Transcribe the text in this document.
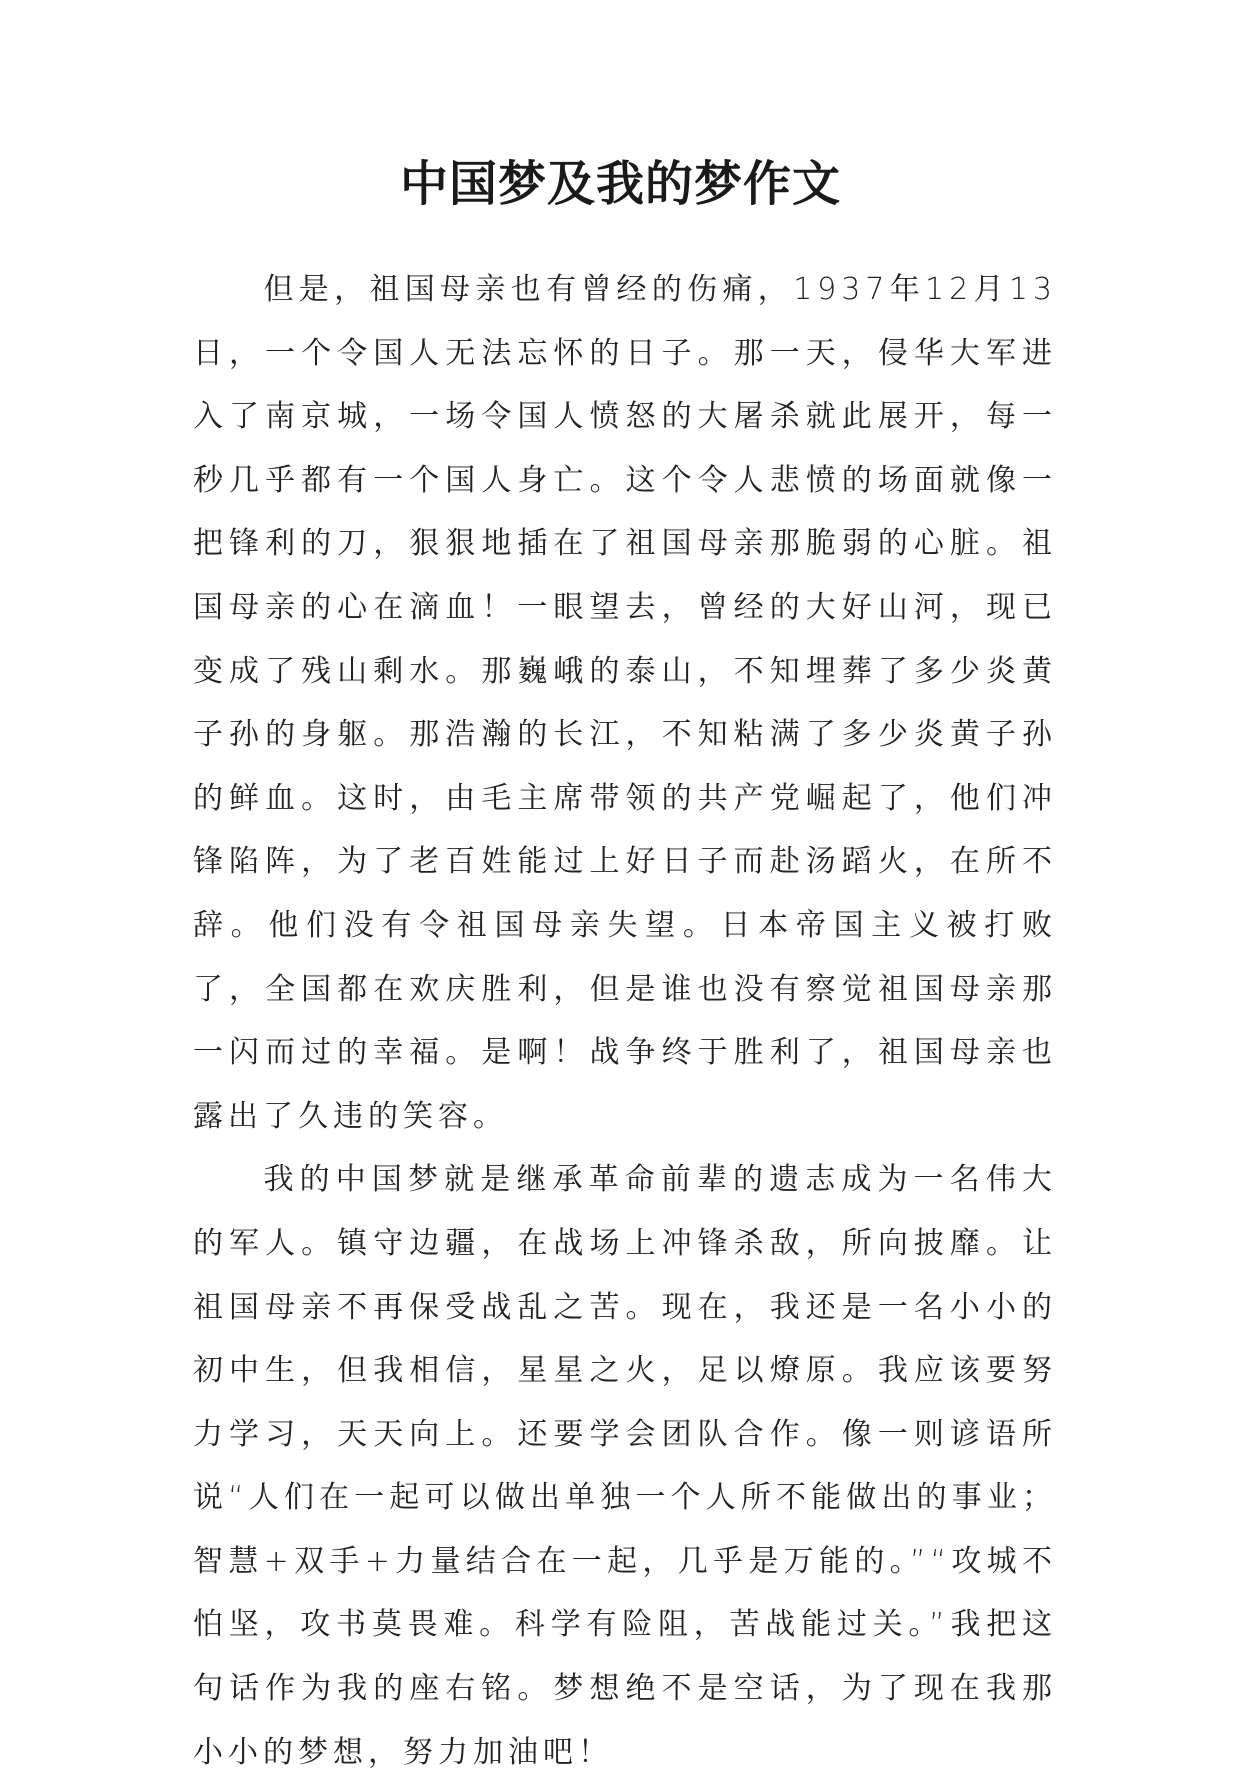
中国梦及我的梦作文

但是，祖国母亲也有曾经的伤痛，1937年12月13日，一个令国人无法忘怀的日子。那一天，侵华大军进入了南京城，一场令国人愤怒的大屠杀就此展开，每一秒几乎都有一个国人身亡。这个令人悲愤的场面就像一把锋利的刀，狠狠地插在了祖国母亲那脆弱的心脏。祖国母亲的心在滴血！一眼望去，曾经的大好山河，现已变成了残山剩水。那巍峨的泰山，不知埋葬了多少炎黄子孙的身躯。那浩瀚的长江，不知粘满了多少炎黄子孙的鲜血。这时，由毛主席带领的共产党崛起了，他们冲锋陷阵，为了老百姓能过上好日子而赴汤蹈火，在所不辞。他们没有令祖国母亲失望。日本帝国主义被打败了，全国都在欢庆胜利，但是谁也没有察觉祖国母亲那一闪而过的幸福。是啊！战争终于胜利了，祖国母亲也露出了久违的笑容。

我的中国梦就是继承革命前辈的遗志成为一名伟大的军人。镇守边疆，在战场上冲锋杀敌，所向披靡。让祖国母亲不再保受战乱之苦。现在，我还是一名小小的初中生，但我相信，星星之火，足以燎原。我应该要努力学习，天天向上。还要学会团队合作。像一则谚语所说“人们在一起可以做出单独一个人所不能做出的事业；智慧+双手+力量结合在一起，几乎是万能的。”“攻城不怕坚，攻书莫畏难。科学有险阻，苦战能过关。”我把这句话作为我的座右铭。梦想绝不是空话，为了现在我那小小的梦想，努力加油吧！
